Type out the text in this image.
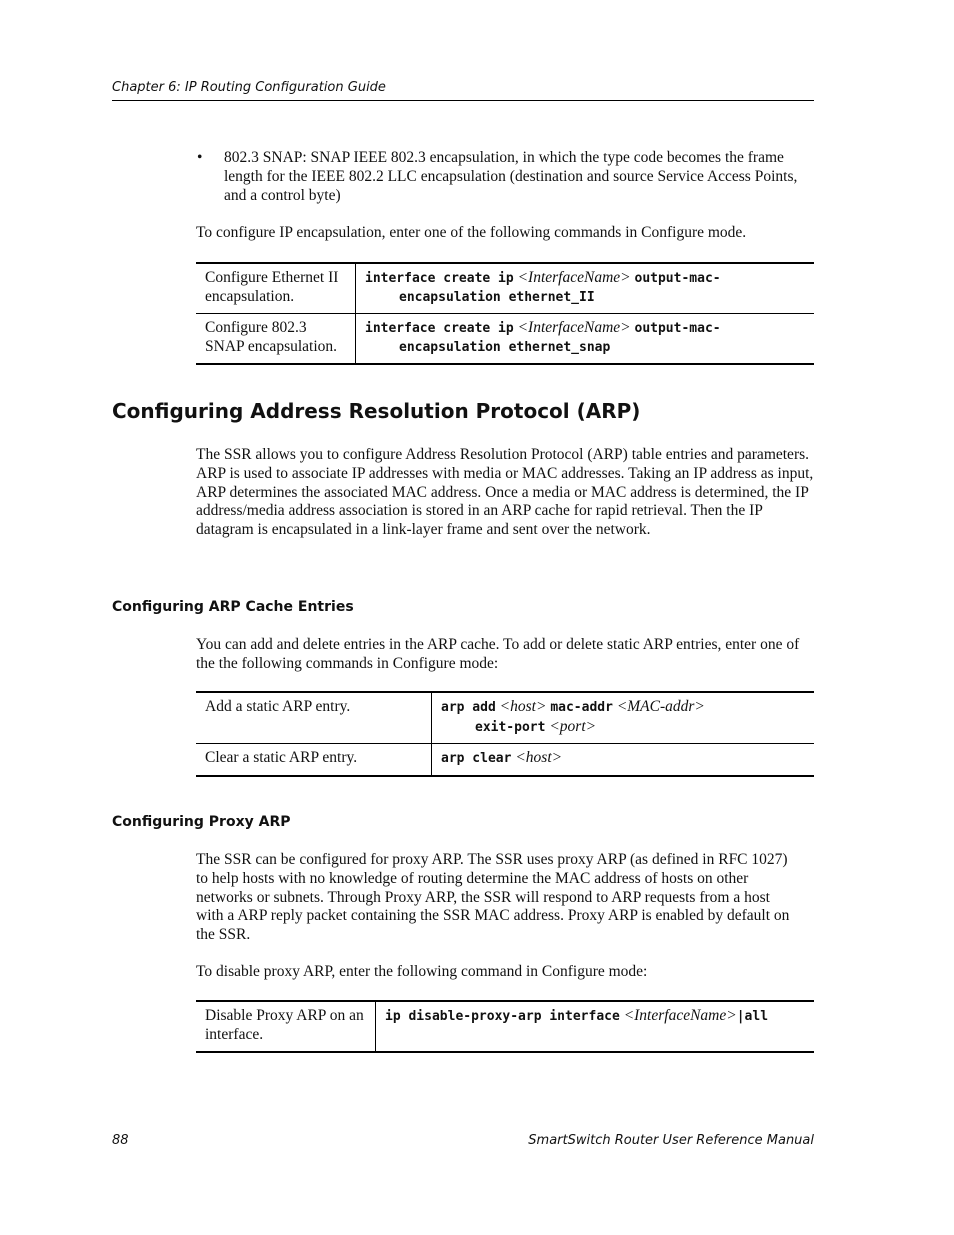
Chapter 6: IP Routing Configuration Guide
• 802.3 SNAP: SNAP IEEE 802.3 encapsulation, in which the type code becomes the frame length for the IEEE 802.2 LLC encapsulation (destination and source Service Access Points, and a control byte)
To configure IP encapsulation, enter one of the following commands in Configure mode.
Configure Ethernet II encapsulation.	interface create ip <InterfaceName> output-mac-
encapsulation ethernet_II

Configure 802.3 SNAP encapsulation.	interface create ip <InterfaceName> output-mac-
encapsulation ethernet_snap
Configuring Address Resolution Protocol (ARP)
The SSR allows you to configure Address Resolution Protocol (ARP) table entries and parameters. ARP is used to associate IP addresses with media or MAC addresses. Taking an IP address as input, ARP determines the associated MAC address. Once a media or MAC address is determined, the IP address/media address association is stored in an ARP cache for rapid retrieval. Then the IP datagram is encapsulated in a link-layer frame and sent over the network.
Configuring ARP Cache Entries
You can add and delete entries in the ARP cache. To add or delete static ARP entries, enter one of the the following commands in Configure mode:
Add a static ARP entry.	arp add <host> mac-addr <MAC-addr>
exit-port <port>

Clear a static ARP entry.	arp clear <host>
Configuring Proxy ARP
The SSR can be configured for proxy ARP. The SSR uses proxy ARP (as defined in RFC 1027) to help hosts with no knowledge of routing determine the MAC address of hosts on other networks or subnets. Through Proxy ARP, the SSR will respond to ARP requests from a host with a ARP reply packet containing the SSR MAC address. Proxy ARP is enabled by default on the SSR.
To disable proxy ARP, enter the following command in Configure mode:
Disable Proxy ARP on an interface.	ip disable-proxy-arp interface <InterfaceName>|all
88	SmartSwitch Router User Reference Manual
